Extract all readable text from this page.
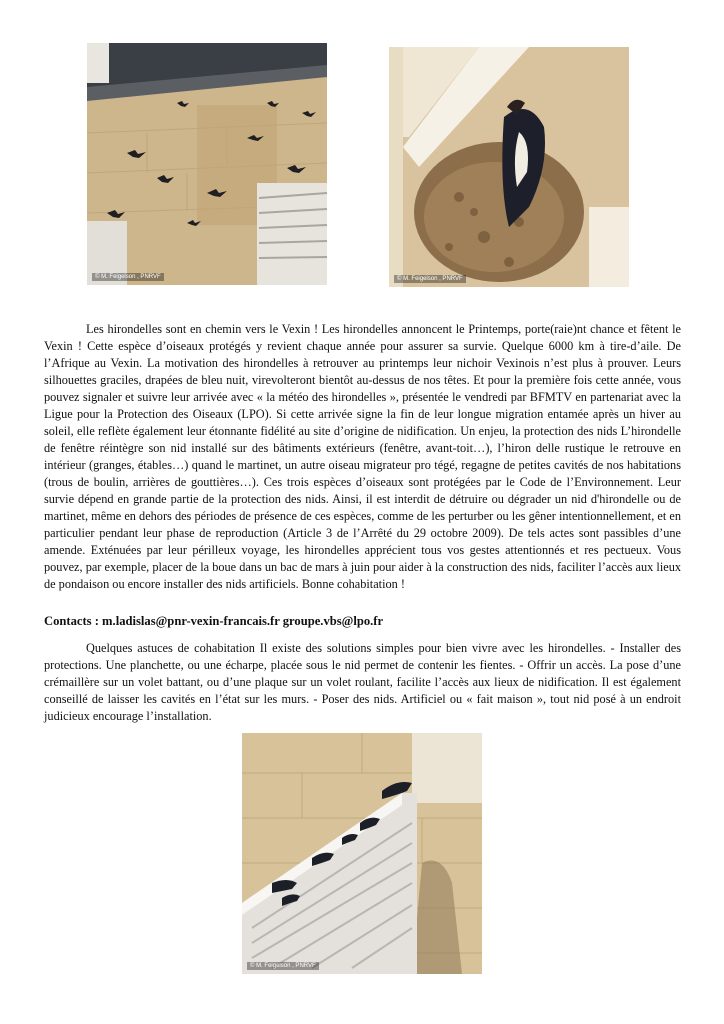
© M. Feigelson , PNRVF	© M. Feigelson , PNRVF
Les hirondelles sont en chemin vers le Vexin ! Les hirondelles annoncent le Printemps, porte(raie)nt chance et fêtent le Vexin ! Cette espèce d’oiseaux protégés y revient chaque année pour assurer sa survie. Quelque 6000 km à tire-d’aile. De l’Afrique au Vexin. La motivation des hirondelles à retrouver au printemps leur nichoir Vexinois n’est plus à prouver. Leurs silhouettes graciles, drapées de bleu nuit, virevolteront bientôt au-dessus de nos têtes. Et pour la première fois cette année, vous pouvez signaler et suivre leur arrivée avec « la météo des hirondelles », présentée le vendredi par BFMTV en partenariat avec la Ligue pour la Protection des Oiseaux (LPO). Si cette arrivée signe la fin de leur longue migration entamée après un hiver au soleil, elle reflète également leur étonnante fidélité au site d’origine de nidification. Un enjeu, la protection des nids L’hirondelle de fenêtre réintègre son nid installé sur des bâtiments extérieurs (fenêtre, avant-toit…), l’hiron delle rustique le retrouve en intérieur (granges, étables…) quand le martinet, un autre oiseau migrateur pro tégé, regagne de petites cavités de nos habitations (trous de boulin, arrières de gouttières…). Ces trois espèces d’oiseaux sont protégées par le Code de l’Environnement. Leur survie dépend en grande partie de la protection des nids. Ainsi, il est interdit de détruire ou dégrader un nid d'hirondelle ou de martinet, même en dehors des périodes de présence de ces espèces, comme de les perturber ou les gêner intentionnellement, et en particulier pendant leur phase de reproduction (Article 3 de l’Arrêté du 29 octobre 2009). De tels actes sont passibles d’une amende. Exténuées par leur périlleux voyage, les hirondelles apprécient tous vos gestes attentionnés et res pectueux. Vous pouvez, par exemple, placer de la boue dans un bac de mars à juin pour aider à la construction des nids, faciliter l’accès aux lieux de pondaison ou encore installer des nids artificiels. Bonne cohabitation !
Contacts : m.ladislas@pnr-vexin-francais.fr groupe.vbs@lpo.fr
Quelques astuces de cohabitation Il existe des solutions simples pour bien vivre avec les hirondelles. - Installer des protections. Une planchette, ou une écharpe, placée sous le nid permet de contenir les fientes. - Offrir un accès. La pose d’une crémaillère sur un volet battant, ou d’une plaque sur un volet roulant, facilite l’accès aux lieux de nidification. Il est également conseillé de laisser les cavités en l’état sur les murs. - Poser des nids. Artificiel ou « fait maison », tout nid posé à un endroit judicieux encourage l’installation.
© M. Feigelson , PNRVF
